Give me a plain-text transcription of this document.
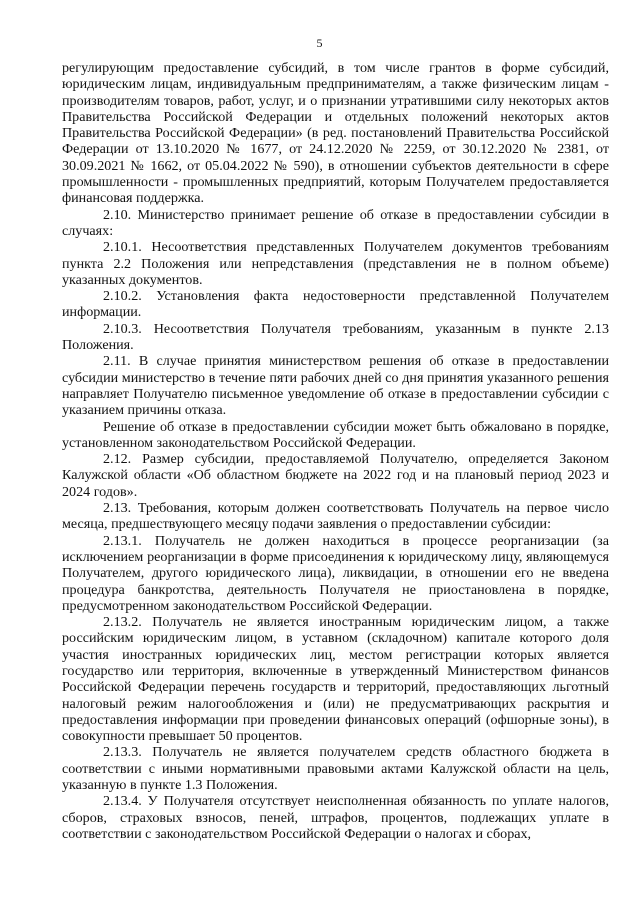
5

регулирующим предоставление субсидий, в том числе грантов в форме субсидий, юридическим лицам, индивидуальным предпринимателям, а также физическим лицам - производителям товаров, работ, услуг, и о признании утратившими силу некоторых актов Правительства Российской Федерации и отдельных положений некоторых актов Правительства Российской Федерации» (в ред. постановлений Правительства Российской Федерации от 13.10.2020 № 1677, от 24.12.2020 № 2259, от 30.12.2020 № 2381, от 30.09.2021 № 1662, от 05.04.2022 № 590), в отношении субъектов деятельности в сфере промышленности - промышленных предприятий, которым Получателем предоставляется финансовая поддержка.

2.10. Министерство принимает решение об отказе в предоставлении субсидии в случаях:

2.10.1. Несоответствия представленных Получателем документов требованиям пункта 2.2 Положения или непредставления (представления не в полном объеме) указанных документов.

2.10.2. Установления факта недостоверности представленной Получателем информации.

2.10.3. Несоответствия Получателя требованиям, указанным в пункте 2.13 Положения.

2.11. В случае принятия министерством решения об отказе в предоставлении субсидии министерство в течение пяти рабочих дней со дня принятия указанного решения направляет Получателю письменное уведомление об отказе в предоставлении субсидии с указанием причины отказа.

Решение об отказе в предоставлении субсидии может быть обжаловано в порядке, установленном законодательством Российской Федерации.

2.12. Размер субсидии, предоставляемой Получателю, определяется Законом Калужской области «Об областном бюджете на 2022 год и на плановый период 2023 и 2024 годов».

2.13. Требования, которым должен соответствовать Получатель на первое число месяца, предшествующего месяцу подачи заявления о предоставлении субсидии:

2.13.1. Получатель не должен находиться в процессе реорганизации (за исключением реорганизации в форме присоединения к юридическому лицу, являющемуся Получателем, другого юридического лица), ликвидации, в отношении его не введена процедура банкротства, деятельность Получателя не приостановлена в порядке, предусмотренном законодательством Российской Федерации.

2.13.2. Получатель не является иностранным юридическим лицом, а также российским юридическим лицом, в уставном (складочном) капитале которого доля участия иностранных юридических лиц, местом регистрации которых является государство или территория, включенные в утвержденный Министерством финансов Российской Федерации перечень государств и территорий, предоставляющих льготный налоговый режим налогообложения и (или) не предусматривающих раскрытия и предоставления информации при проведении финансовых операций (офшорные зоны), в совокупности превышает 50 процентов.

2.13.3. Получатель не является получателем средств областного бюджета в соответствии с иными нормативными правовыми актами Калужской области на цель, указанную в пункте 1.3 Положения.

2.13.4. У Получателя отсутствует неисполненная обязанность по уплате налогов, сборов, страховых взносов, пеней, штрафов, процентов, подлежащих уплате в соответствии с законодательством Российской Федерации о налогах и сборах,
